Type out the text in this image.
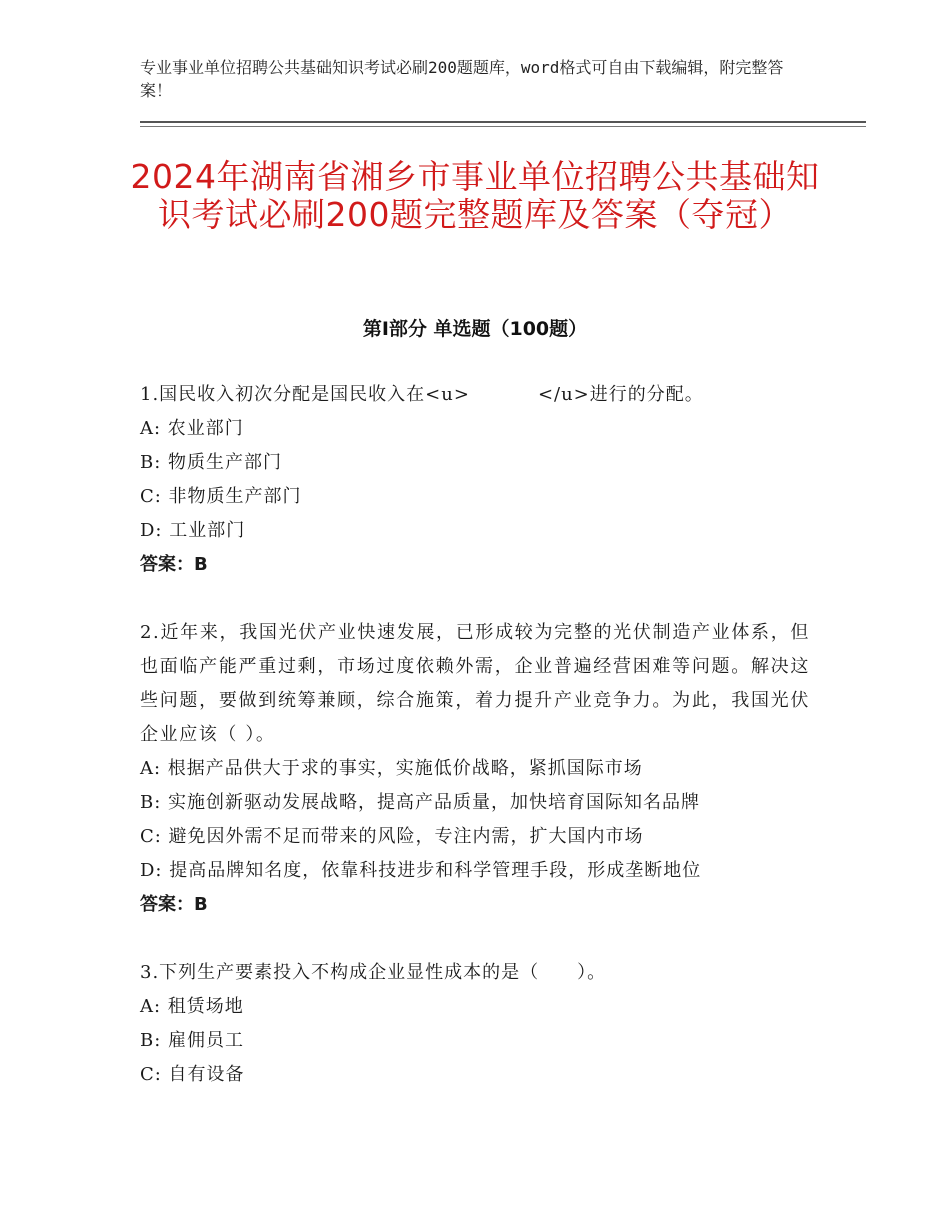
专业事业单位招聘公共基础知识考试必刷200题题库，word格式可自由下载编辑，附完整答案！
2024年湖南省湘乡市事业单位招聘公共基础知识考试必刷200题完整题库及答案（夺冠）
第Ⅰ部分 单选题（100题）
1.国民收入初次分配是国民收入在<u>	</u>进行的分配。
A: 农业部门
B: 物质生产部门
C: 非物质生产部门
D: 工业部门
答案：B
2.近年来，我国光伏产业快速发展，已形成较为完整的光伏制造产业体系，但也面临产能严重过剩，市场过度依赖外需，企业普遍经营困难等问题。解决这些问题，要做到统筹兼顾，综合施策，着力提升产业竞争力。为此，我国光伏企业应该（ ）。
A: 根据产品供大于求的事实，实施低价战略，紧抓国际市场
B: 实施创新驱动发展战略，提高产品质量，加快培育国际知名品牌
C: 避免因外需不足而带来的风险，专注内需，扩大国内市场
D: 提高品牌知名度，依靠科技进步和科学管理手段，形成垄断地位
答案：B
3.下列生产要素投入不构成企业显性成本的是（　　）。
A: 租赁场地
B: 雇佣员工
C: 自有设备
